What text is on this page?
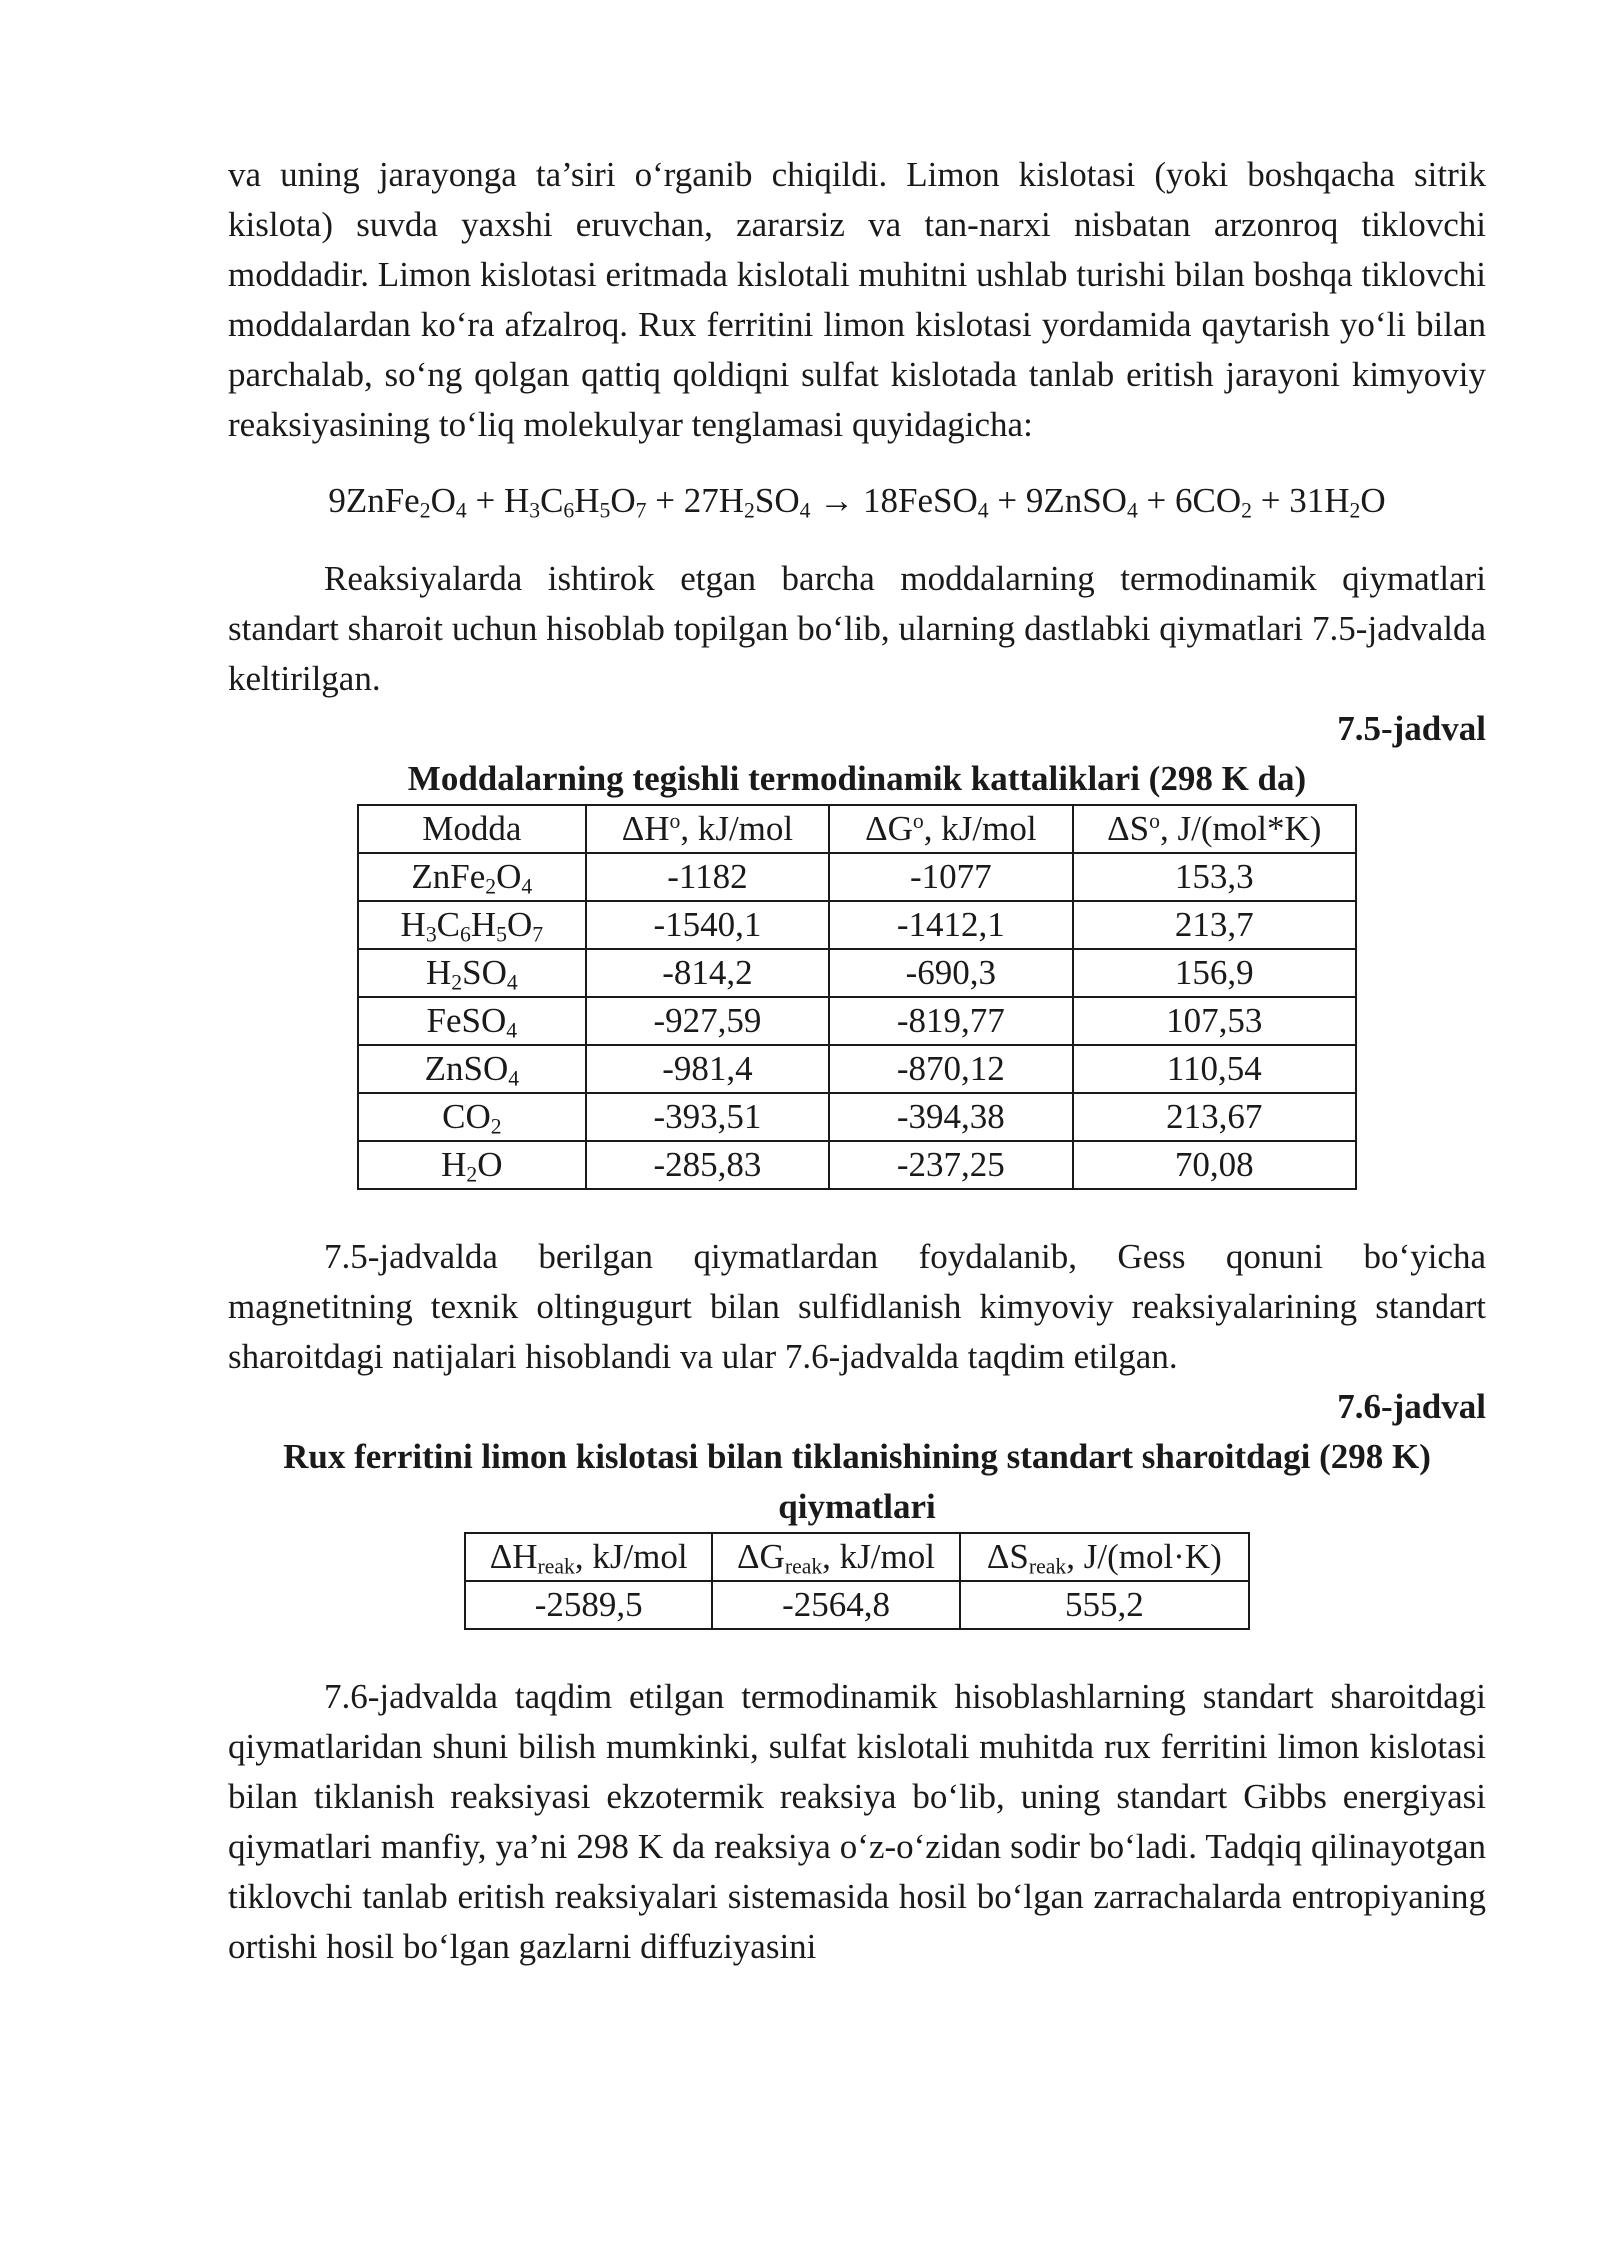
va uning jarayonga ta’siri o‘rganib chiqildi. Limon kislotasi (yoki boshqacha sitrik kislota) suvda yaxshi eruvchan, zararsiz va tan-narxi nisbatan arzonroq tiklovchi moddadir. Limon kislotasi eritmada kislotali muhitni ushlab turishi bilan boshqa tiklovchi moddalardan ko‘ra afzalroq. Rux ferritini limon kislotasi yordamida qaytarish yo‘li bilan parchalab, so‘ng qolgan qattiq qoldiqni sulfat kislotada tanlab eritish jarayoni kimyoviy reaksiyasining to‘liq molekulyar tenglamasi quyidagicha:

$9ZnFe_2O_4 + H_3C_6H_5O_7 + 27H_2SO_4$ → 18FeSO$_4$ + 9ZnSO$_4$ + $6CO_2 + 31H_2O$

Reaksiyalarda ishtirok etgan barcha moddalarning termodinamik qiymatlari standart sharoit uchun hisoblab topilgan bo‘lib, ularning dastlabki qiymatlari 7.5-jadvalda keltirilgan.

7.5-jadval

Moddalarning tegishli termodinamik kattaliklari (298 K da)

Modda	$\Delta H^o$, kJ/mol	$\Delta G^o$, kJ/mol	$\Delta S^o$, J/(mol*K)
$ZnFe_2O_4$	-1182	-1077	153,3
$H_3C_6H_5O_7$	-1540,1	-1412,1	213,7
$H_2SO_4$	-814,2	-690,3	156,9
FeSO$_4$	-927,59	-819,77	107,53
ZnSO$_4$	-981,4	-870,12	110,54
$CO_2$	-393,51	-394,38	213,67
$H_2O$	-285,83	-237,25	70,08

7.5-jadvalda berilgan qiymatlardan foydalanib, Gess qonuni bo‘yicha magnetitning texnik oltingugurt bilan sulfidlanish kimyoviy reaksiyalarining standart sharoitdagi natijalari hisoblandi va ular 7.6-jadvalda taqdim etilgan.

7.6-jadval

Rux ferritini limon kislotasi bilan tiklanishining standart sharoitdagi (298 K) qiymatlari

$\Delta H_{reak}$, kJ/mol	$\Delta G_{reak}$, kJ/mol	$\Delta S_{reak}$, J/(mol·K)
-2589,5	-2564,8	555,2

7.6-jadvalda taqdim etilgan termodinamik hisoblashlarning standart sharoitdagi qiymatlaridan shuni bilish mumkinki, sulfat kislotali muhitda rux ferritini limon kislotasi bilan tiklanish reaksiyasi ekzotermik reaksiya bo‘lib, uning standart Gibbs energiyasi qiymatlari manfiy, ya’ni 298 K da reaksiya o‘z-o‘zidan sodir bo‘ladi. Tadqiq qilinayotgan tiklovchi tanlab eritish reaksiyalari sistemasida hosil bo‘lgan zarrachalarda entropiyaning ortishi hosil bo‘lgan gazlarni diffuziyasini
